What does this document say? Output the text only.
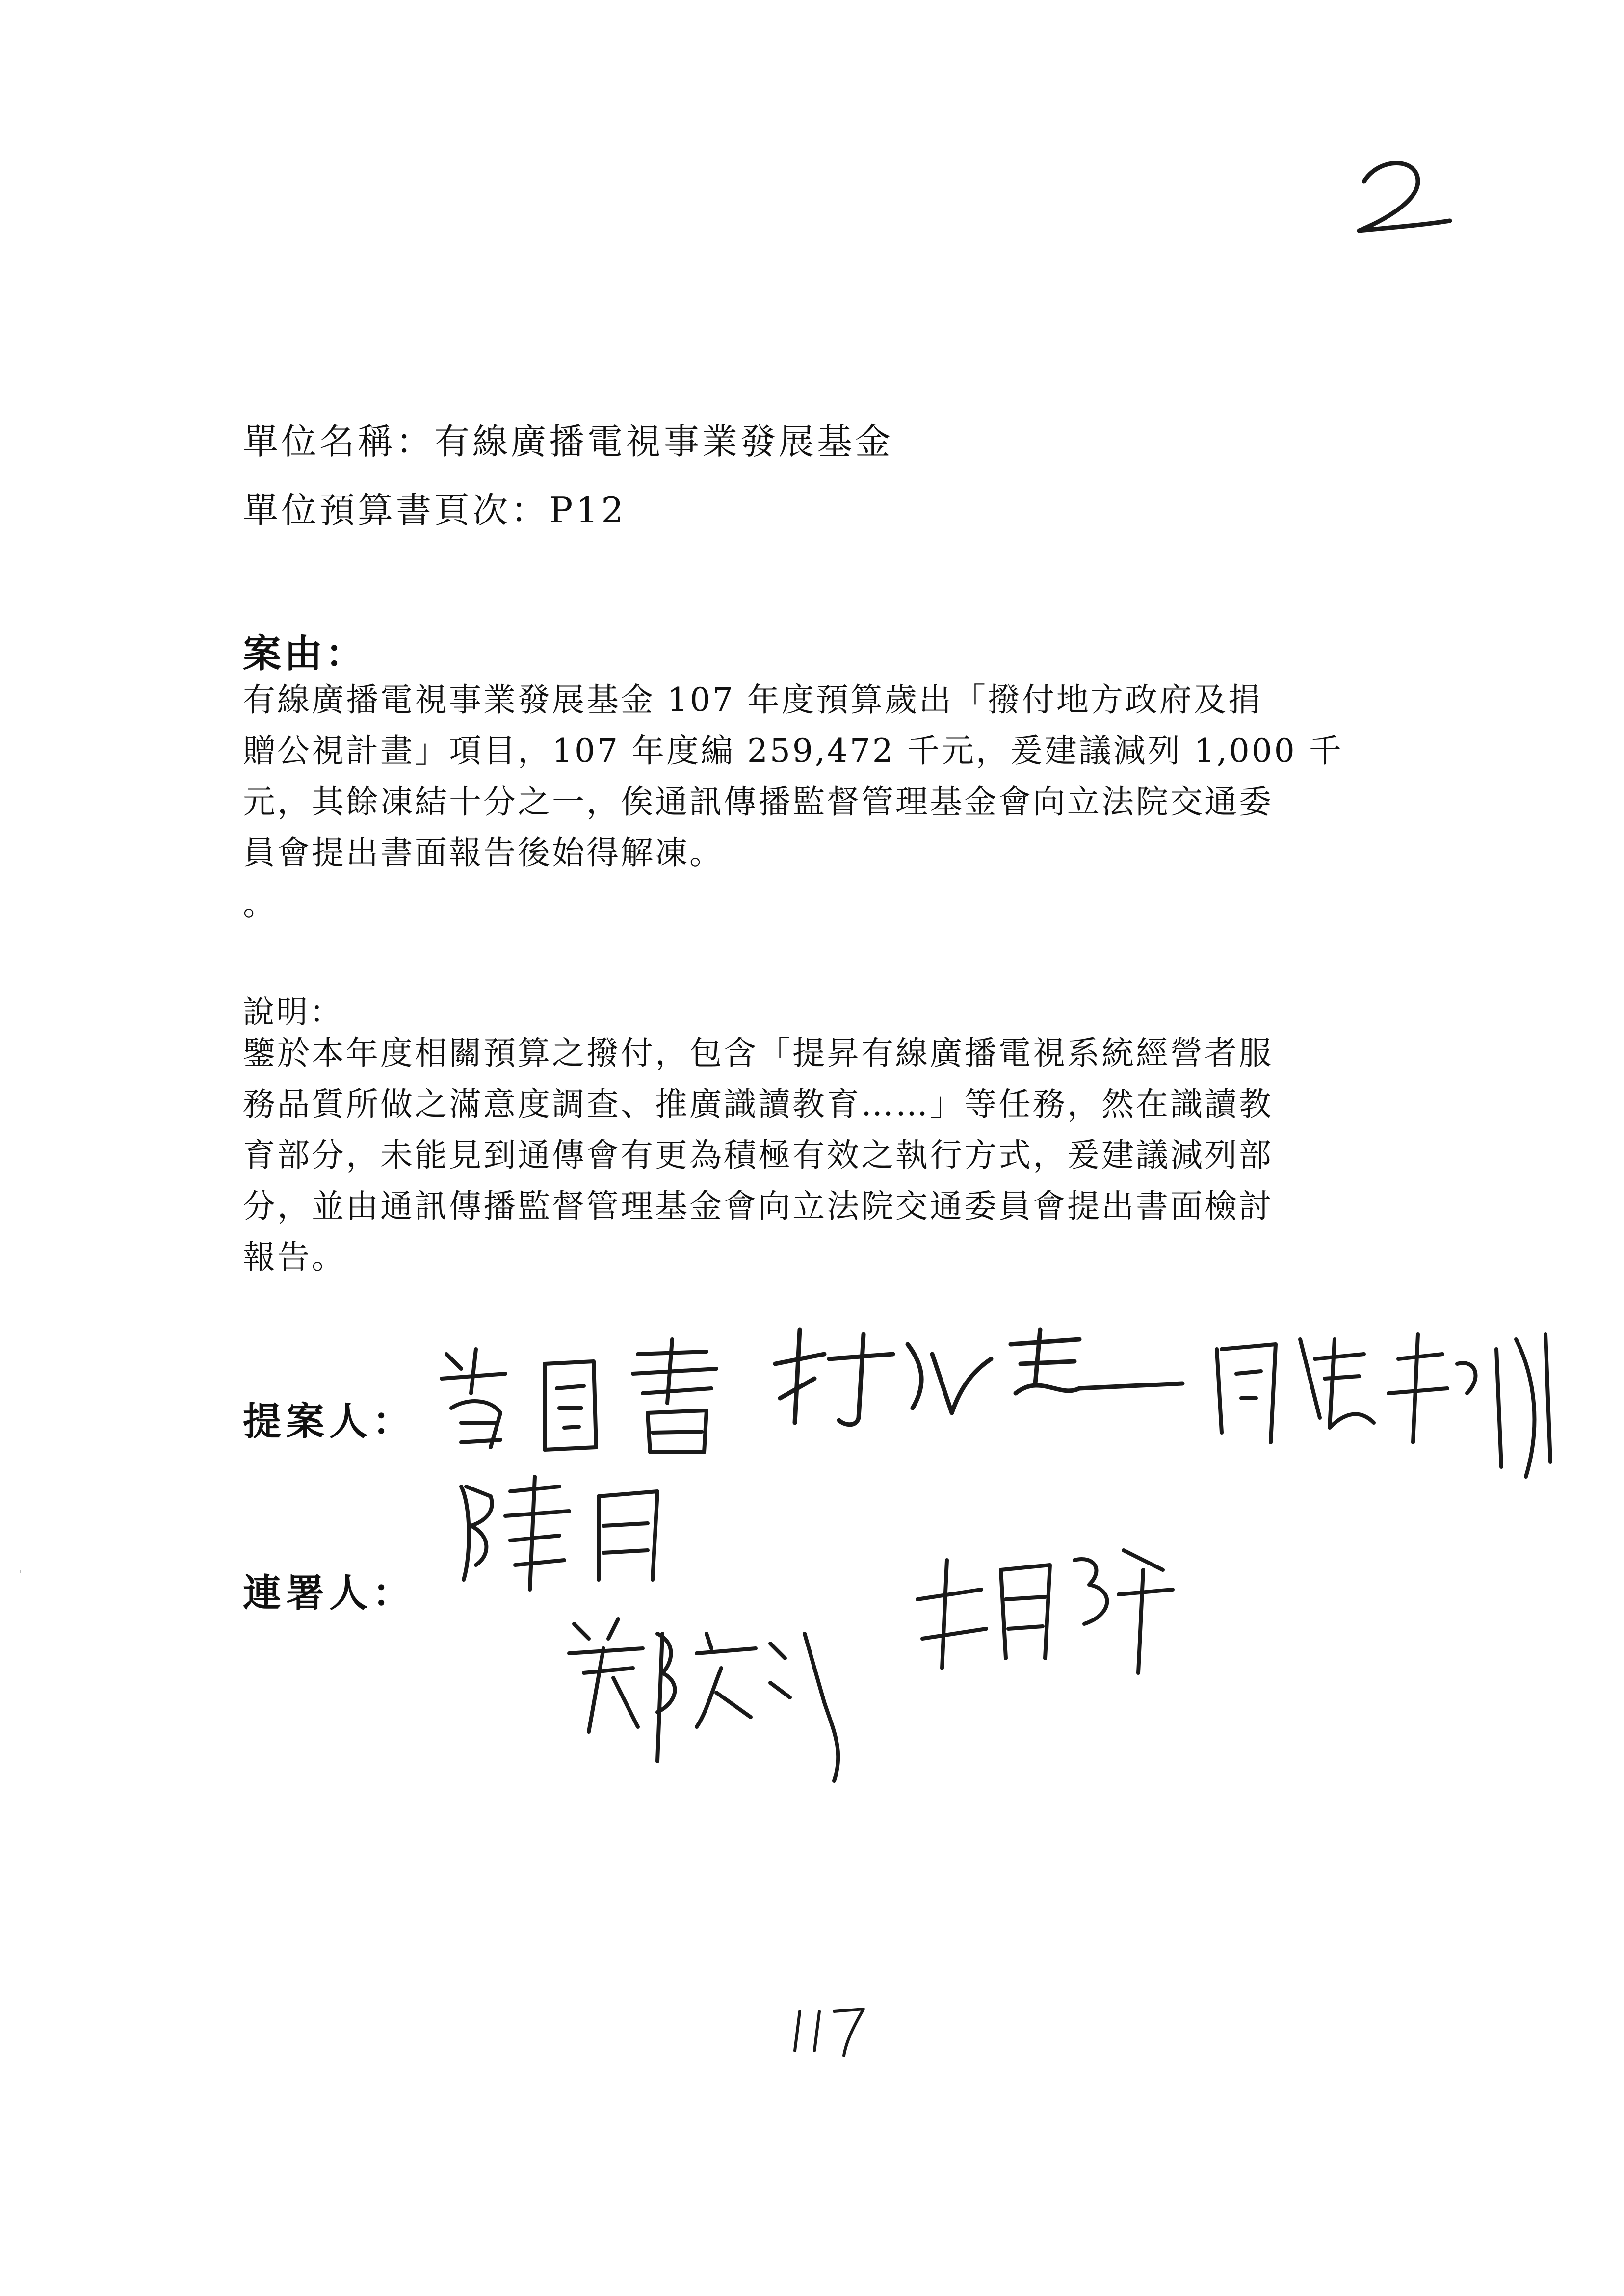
單位名稱：有線廣播電視事業發展基金
單位預算書頁次：P12
案由：
有線廣播電視事業發展基金 107 年度預算歲出「撥付地方政府及捐
贈公視計畫」項目，107 年度編 259,472 千元，爰建議減列 1,000 千
元，其餘凍結十分之一，俟通訊傳播監督管理基金會向立法院交通委
員會提出書面報告後始得解凍。
。
說明：
鑒於本年度相關預算之撥付，包含「提昇有線廣播電視系統經營者服
務品質所做之滿意度調查、推廣識讀教育……」等任務，然在識讀教
育部分，未能見到通傳會有更為積極有效之執行方式，爰建議減列部
分，並由通訊傳播監督管理基金會向立法院交通委員會提出書面檢討
報告。
提案人：
連署人：
